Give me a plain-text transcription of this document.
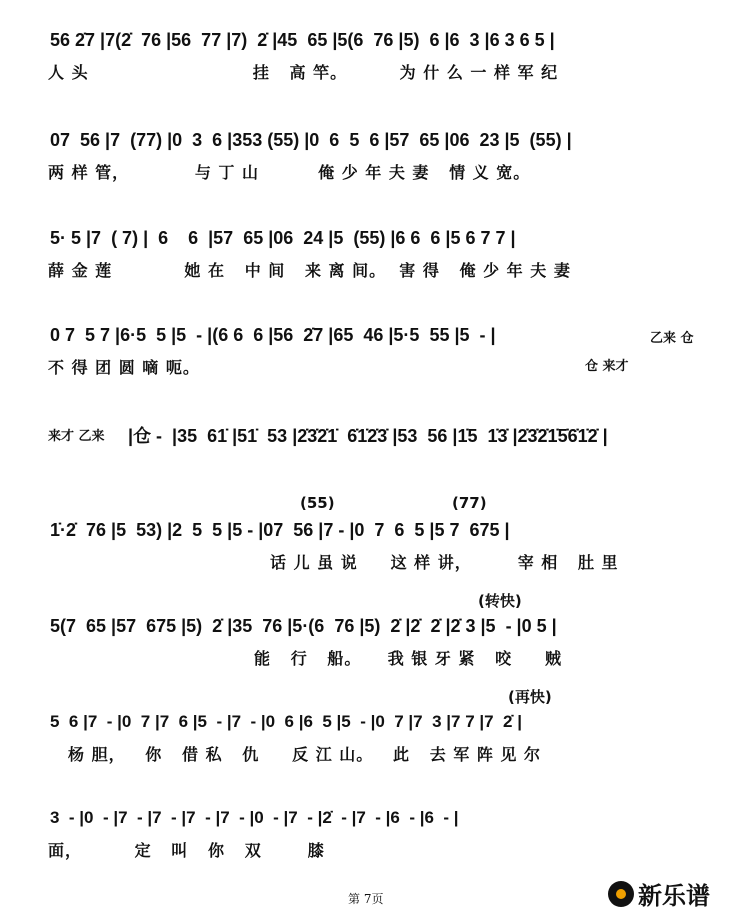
56 2̇7 |7(2̇  76 |56  77 |7)  2̇ |45  65 |5(6  76 |5)  6 |6  3 |6 3 6 5 |
人 头                         挂   高 竿。        为 什 么 一 样 军 纪
07  56 |7  (77) |0  3  6 |353 (55) |0  6  5  6 |57  65 |06  23 |5  (55) |
两 样 管，          与 丁 山         俺 少 年 夫 妻   情 义 宽。
5· 5 |7  ( 7) |  6    6  |57  65 |06  24 |5  (55) |6 6  6 |5 6 7 7 |
薛 金 莲           她 在   中 间   来 离 间。  害 得   俺 少 年 夫 妻
0 7  5 7 |6·5  5 |5  - |(6 6  6 |56  2̇7 |65  46 |5·5  55 |5  - |
不 得 团 圆 嘀 呃。
乙来 仓
仓 来才
来才 乙来 |仓 -  |35  61̇ |51̇  53 |2̇3̇2̇1̇  6̇1̇2̇3̇ |53  56 |1̇5  1̇3̇ |2̇3̇2̇1̇5̇6̇1̇2̇ |
(55)	(77)
1̇·2̇  76 |5  53) |2  5  5 |5 - |07  56 |7 - |0  7  6  5 |5 7  675 |
话 儿 虽 说     这 样 讲，       宰 相   肚 里
(转快)
5(7  65 |57  675 |5)  2̇ |35  76 |5·(6  76 |5)  2̇ |2̇  2̇ |2̇ 3 |5  - |0 5 |
能   行   船。    我 银 牙 紧   咬     贼
(再快)
5  6 |7  - |0  7 |7  6 |5  - |7  - |0  6 |6  5 |5  - |0  7 |7  3 |7 7 |7  2̇ |
杨 胆，   你   借 私   仇     反 江 山。   此   去 军 阵 见 尔
3  - |0  - |7  - |7  - |7  - |7  - |0  - |7  - |2̇  - |7  - |6  - |6  - |
面，        定   叫   你   双       膝
第 7页	新乐谱
